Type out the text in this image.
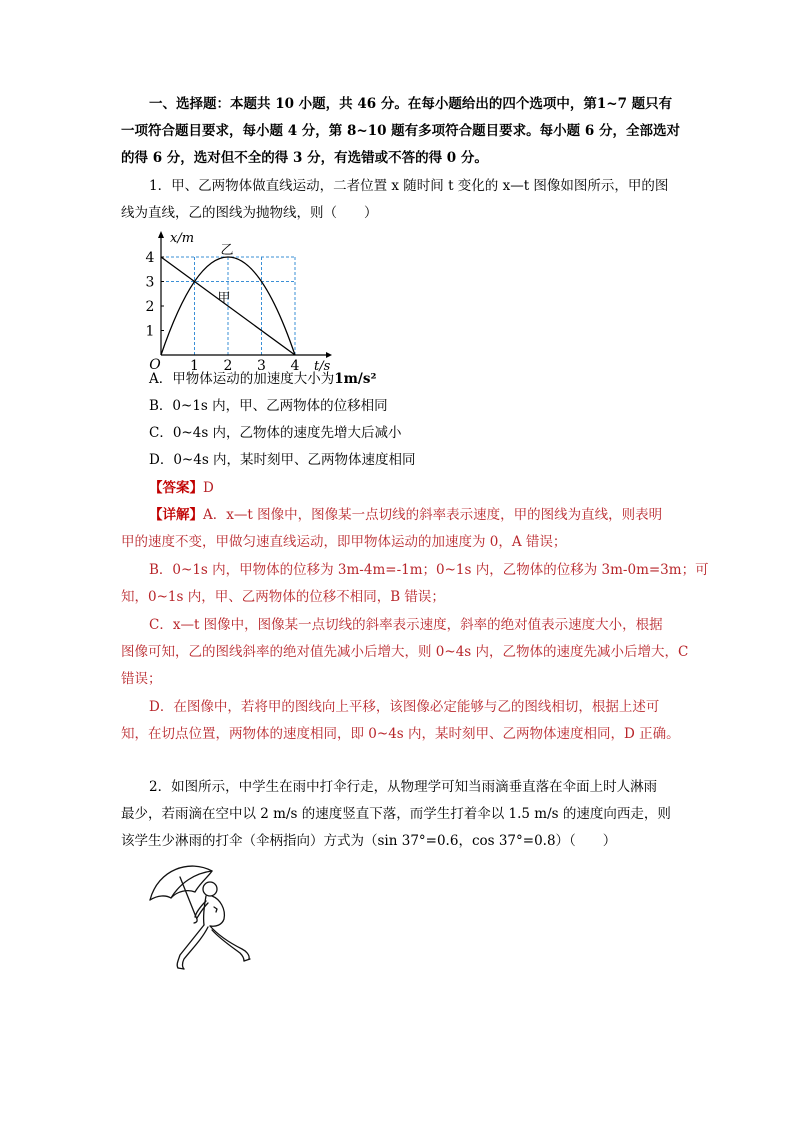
一、选择题：本题共 10 小题，共 46 分。在每小题给出的四个选项中，第1~7 题只有
一项符合题目要求，每小题 4 分，第 8~10 题有多项符合题目要求。每小题 6 分，全部选对
的得 6 分，选对但不全的得 3 分，有选错或不答的得 0 分。
1．甲、乙两物体做直线运动，二者位置 x 随时间 t 变化的 x—t 图像如图所示，甲的图
线为直线，乙的图线为抛物线，则（　　）
1
2
3
4
1 2 3 4
O
x/m
t/s
甲
乙
A．甲物体运动的加速度大小为1m/s²
B．0~1s 内，甲、乙两物体的位移相同
C．0~4s 内，乙物体的速度先增大后减小
D．0~4s 内，某时刻甲、乙两物体速度相同
【答案】D
【详解】A．x—t 图像中，图像某一点切线的斜率表示速度，甲的图线为直线，则表明
甲的速度不变，甲做匀速直线运动，即甲物体运动的加速度为 0，A 错误；
B．0~1s 内，甲物体的位移为 3m-4m=-1m；0~1s 内，乙物体的位移为 3m-0m=3m；可
知，0~1s 内，甲、乙两物体的位移不相同，B 错误；
C．x—t 图像中，图像某一点切线的斜率表示速度，斜率的绝对值表示速度大小，根据
图像可知，乙的图线斜率的绝对值先减小后增大，则 0~4s 内，乙物体的速度先减小后增大，C
错误；
D．在图像中，若将甲的图线向上平移，该图像必定能够与乙的图线相切，根据上述可
知，在切点位置，两物体的速度相同，即 0~4s 内，某时刻甲、乙两物体速度相同，D 正确。
2．如图所示，中学生在雨中打伞行走，从物理学可知当雨滴垂直落在伞面上时人淋雨
最少，若雨滴在空中以 2 m/s 的速度竖直下落，而学生打着伞以 1.5 m/s 的速度向西走，则
该学生少淋雨的打伞（伞柄指向）方式为（sin 37°=0.6，cos 37°=0.8）（　　）
